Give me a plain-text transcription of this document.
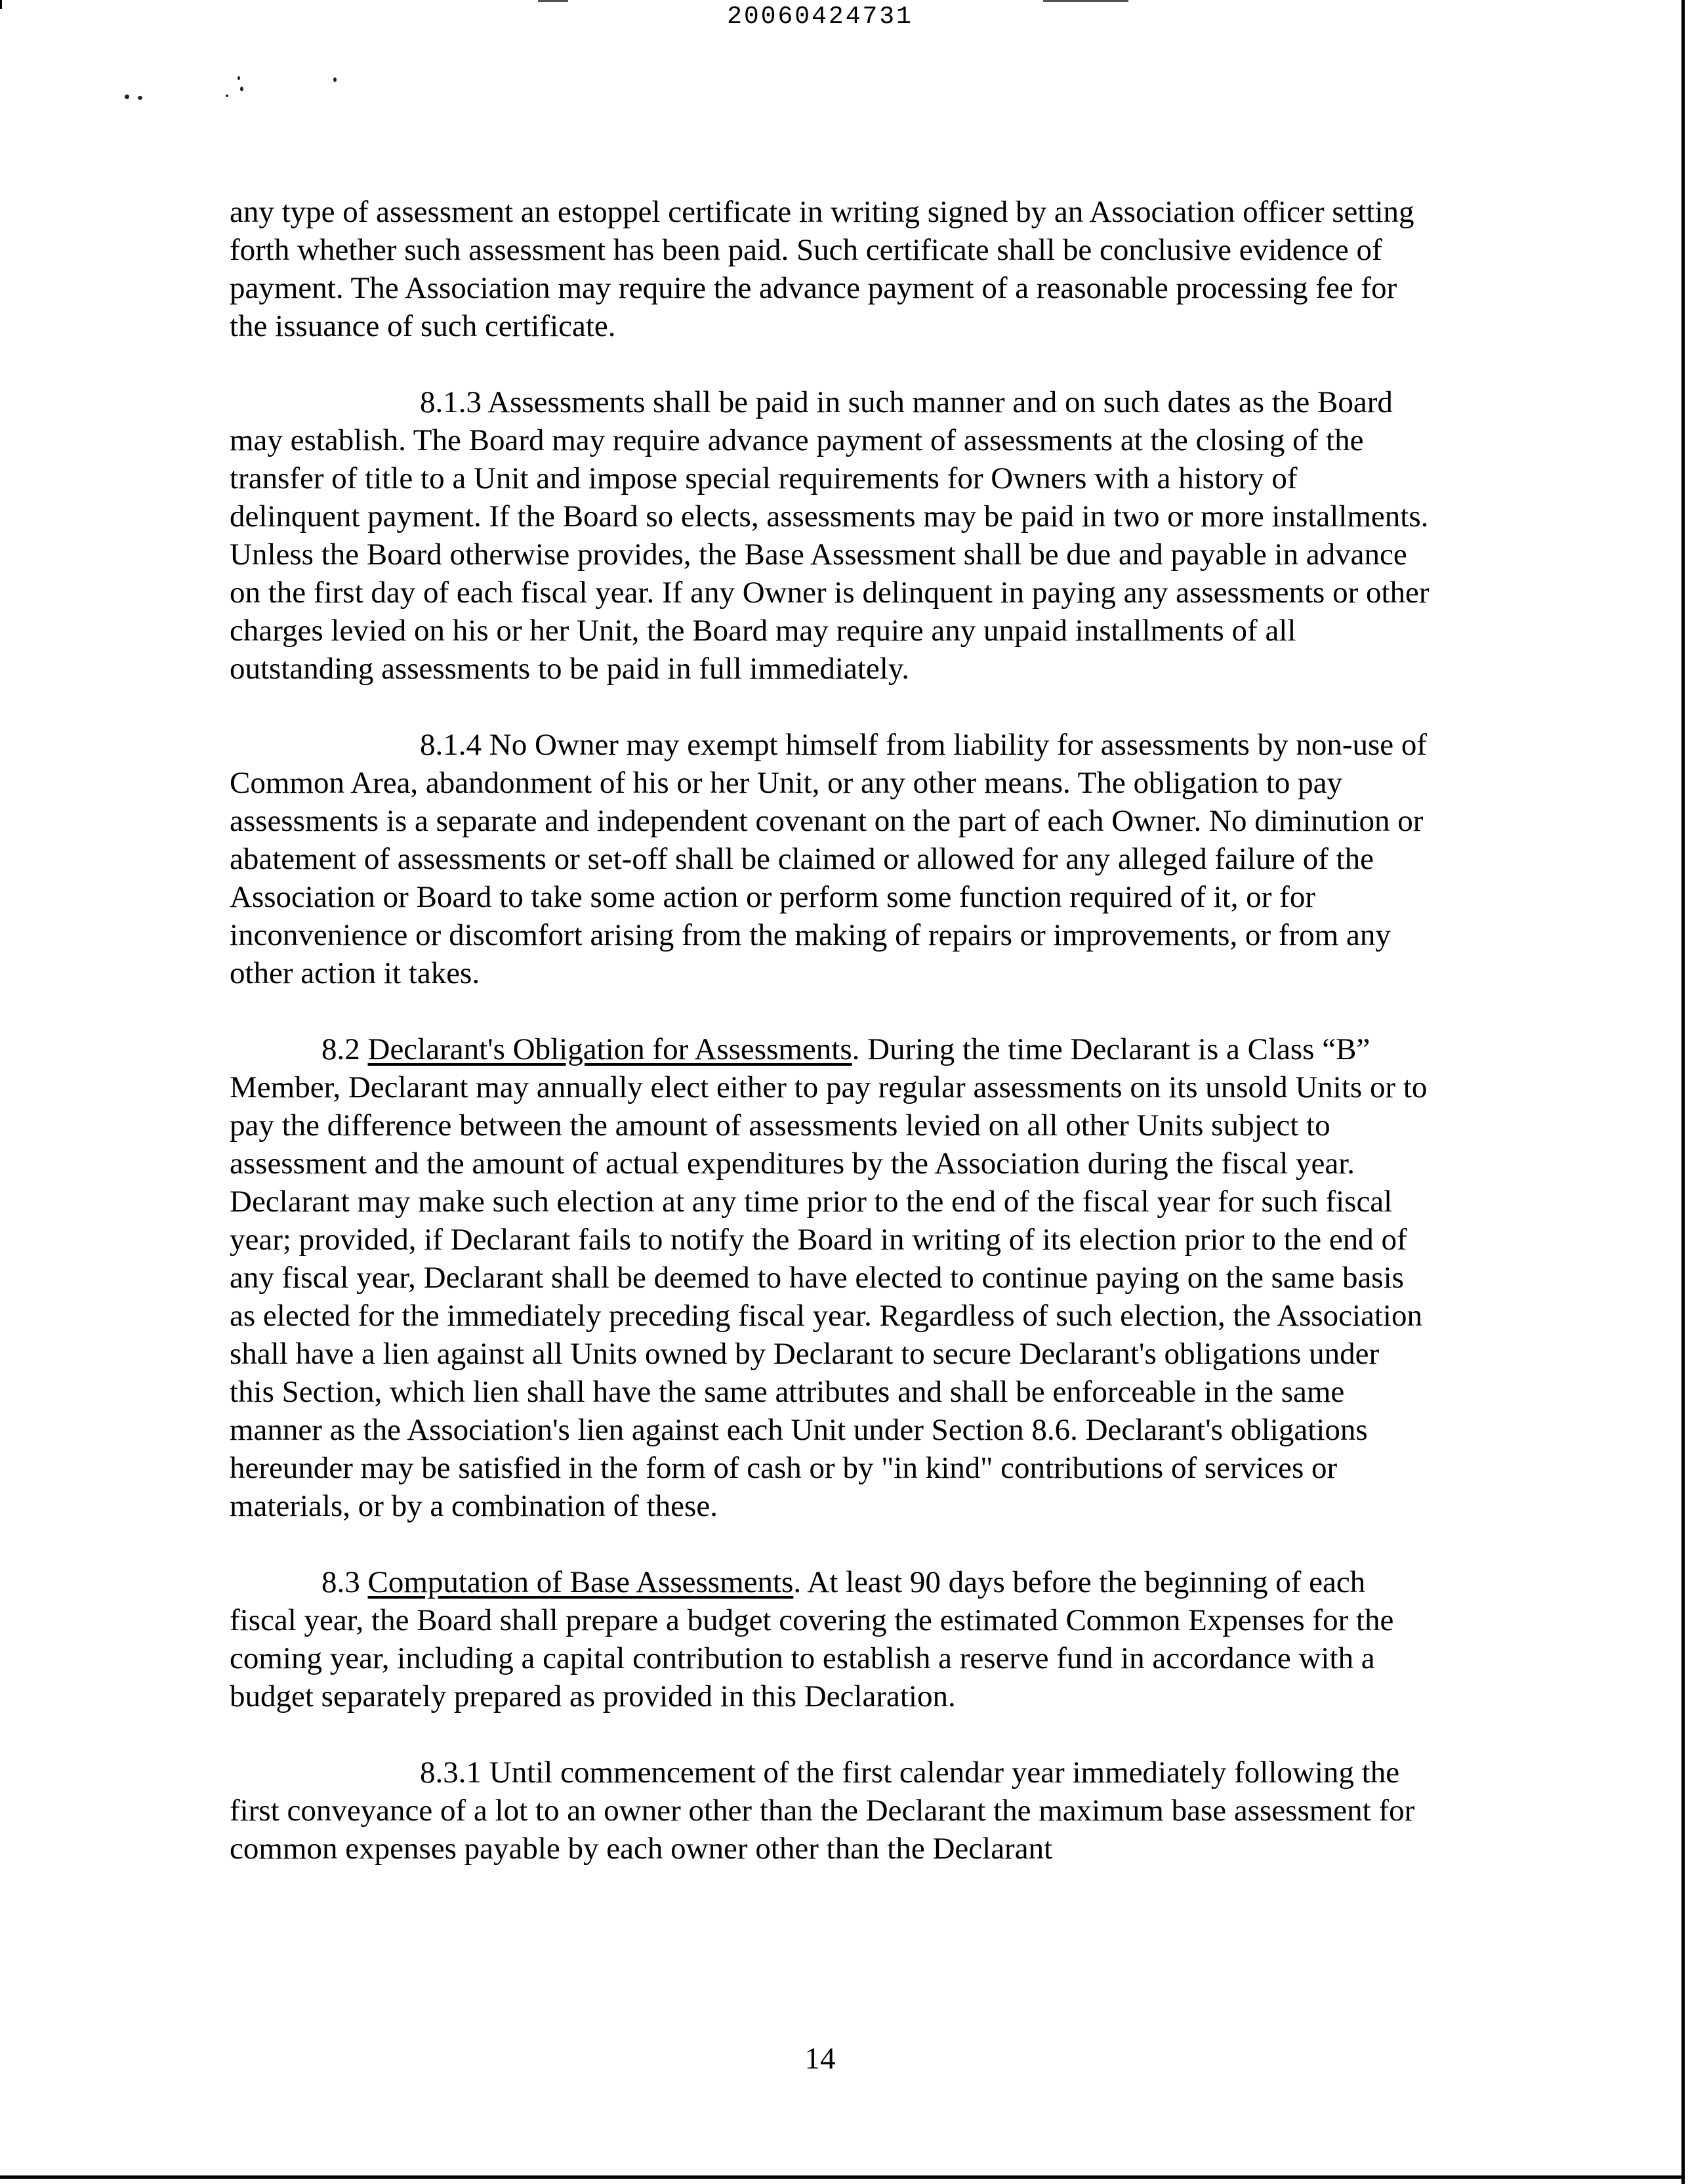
20060424731

any type of assessment an estoppel certificate in writing signed by an Association officer setting forth whether such assessment has been paid. Such certificate shall be conclusive evidence of payment. The Association may require the advance payment of a reasonable processing fee for the issuance of such certificate.

8.1.3 Assessments shall be paid in such manner and on such dates as the Board may establish. The Board may require advance payment of assessments at the closing of the transfer of title to a Unit and impose special requirements for Owners with a history of delinquent payment. If the Board so elects, assessments may be paid in two or more installments. Unless the Board otherwise provides, the Base Assessment shall be due and payable in advance on the first day of each fiscal year. If any Owner is delinquent in paying any assessments or other charges levied on his or her Unit, the Board may require any unpaid installments of all outstanding assessments to be paid in full immediately.

8.1.4 No Owner may exempt himself from liability for assessments by non-use of Common Area, abandonment of his or her Unit, or any other means. The obligation to pay assessments is a separate and independent covenant on the part of each Owner. No diminution or abatement of assessments or set-off shall be claimed or allowed for any alleged failure of the Association or Board to take some action or perform some function required of it, or for inconvenience or discomfort arising from the making of repairs or improvements, or from any other action it takes.

8.2 Declarant's Obligation for Assessments. During the time Declarant is a Class “B” Member, Declarant may annually elect either to pay regular assessments on its unsold Units or to pay the difference between the amount of assessments levied on all other Units subject to assessment and the amount of actual expenditures by the Association during the fiscal year. Declarant may make such election at any time prior to the end of the fiscal year for such fiscal year; provided, if Declarant fails to notify the Board in writing of its election prior to the end of any fiscal year, Declarant shall be deemed to have elected to continue paying on the same basis as elected for the immediately preceding fiscal year. Regardless of such election, the Association shall have a lien against all Units owned by Declarant to secure Declarant's obligations under this Section, which lien shall have the same attributes and shall be enforceable in the same manner as the Association's lien against each Unit under Section 8.6. Declarant's obligations hereunder may be satisfied in the form of cash or by "in kind" contributions of services or materials, or by a combination of these.

8.3 Computation of Base Assessments. At least 90 days before the beginning of each fiscal year, the Board shall prepare a budget covering the estimated Common Expenses for the coming year, including a capital contribution to establish a reserve fund in accordance with a budget separately prepared as provided in this Declaration.

8.3.1 Until commencement of the first calendar year immediately following the first conveyance of a lot to an owner other than the Declarant the maximum base assessment for common expenses payable by each owner other than the Declarant

14
